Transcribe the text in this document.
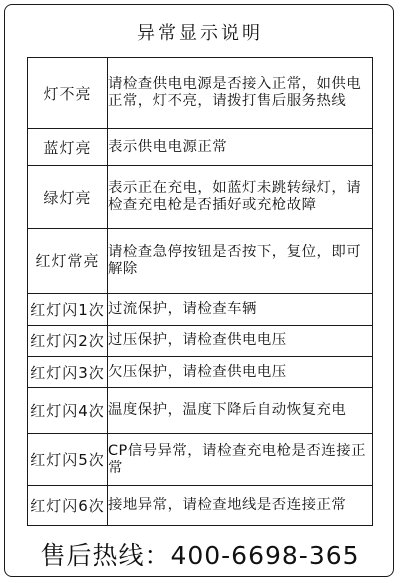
异常显示说明
灯不亮	请检查供电电源是否接入正常，如供电正常，灯不亮，请拨打售后服务热线
蓝灯亮	表示供电电源正常
绿灯亮	表示正在充电，如蓝灯未跳转绿灯，请检查充电枪是否插好或充枪故障
红灯常亮	请检查急停按钮是否按下，复位，即可解除
红灯闪1次	过流保护，请检查车辆
红灯闪2次	过压保护，请检查供电电压
红灯闪3次	欠压保护，请检查供电电压
红灯闪4次	温度保护，温度下降后自动恢复充电
红灯闪5次	CP信号异常，请检查充电枪是否连接正常
红灯闪6次	接地异常，请检查地线是否连接正常
售后热线：400-6698-365
